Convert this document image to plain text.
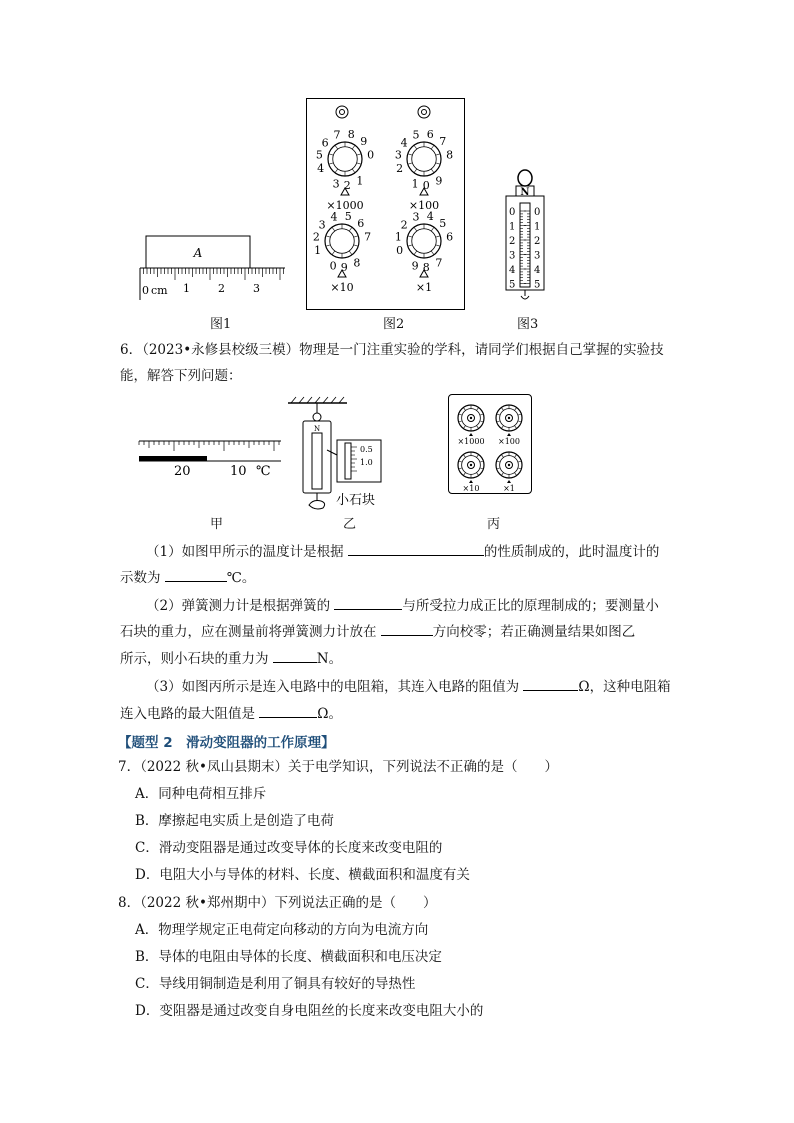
A
0 cm 1	2	3
图1
6
7 8
5
9
4
0
3 1
2
×1000
4
5 6
3
7
2
8
1 9
0
×100
3
4 5
2
6
1
7
0 8
9
×10
2
3 4
1
5
0
6
9 7
8
×1
图2
N
0 0
1 1
2 2
3 3
4 4
5 5
图3
6．（2023•永修县校级三模）物理是一门注重实验的学科，请同学们根据自己掌握的实验技
能，解答下列问题：
20	10 ℃
甲
N
0.5
1.0
小石块
乙
×1000 ×100
×10	×1
丙
（1）如图甲所示的温度计是根据	的性质制成的，此时温度计的
示数为	℃。
（2）弹簧测力计是根据弹簧的	与所受拉力成正比的原理制成的；要测量小
石块的重力，应在测量前将弹簧测力计放在	方向校零；若正确测量结果如图乙
所示，则小石块的重力为	N。
（3）如图丙所示是连入电路中的电阻箱，其连入电路的阻值为	Ω，这种电阻箱
连入电路的最大阻值是	Ω。
【题型 2　滑动变阻器的工作原理】
7．（2022 秋•凤山县期末）关于电学知识，下列说法不正确的是（　　）
A．同种电荷相互排斥
B．摩擦起电实质上是创造了电荷
C．滑动变阻器是通过改变导体的长度来改变电阻的
D．电阻大小与导体的材料、长度、横截面积和温度有关
8．（2022 秋•郑州期中）下列说法正确的是（　　）
A．物理学规定正电荷定向移动的方向为电流方向
B．导体的电阻由导体的长度、横截面积和电压决定
C．导线用铜制造是利用了铜具有较好的导热性
D．变阻器是通过改变自身电阻丝的长度来改变电阻大小的
